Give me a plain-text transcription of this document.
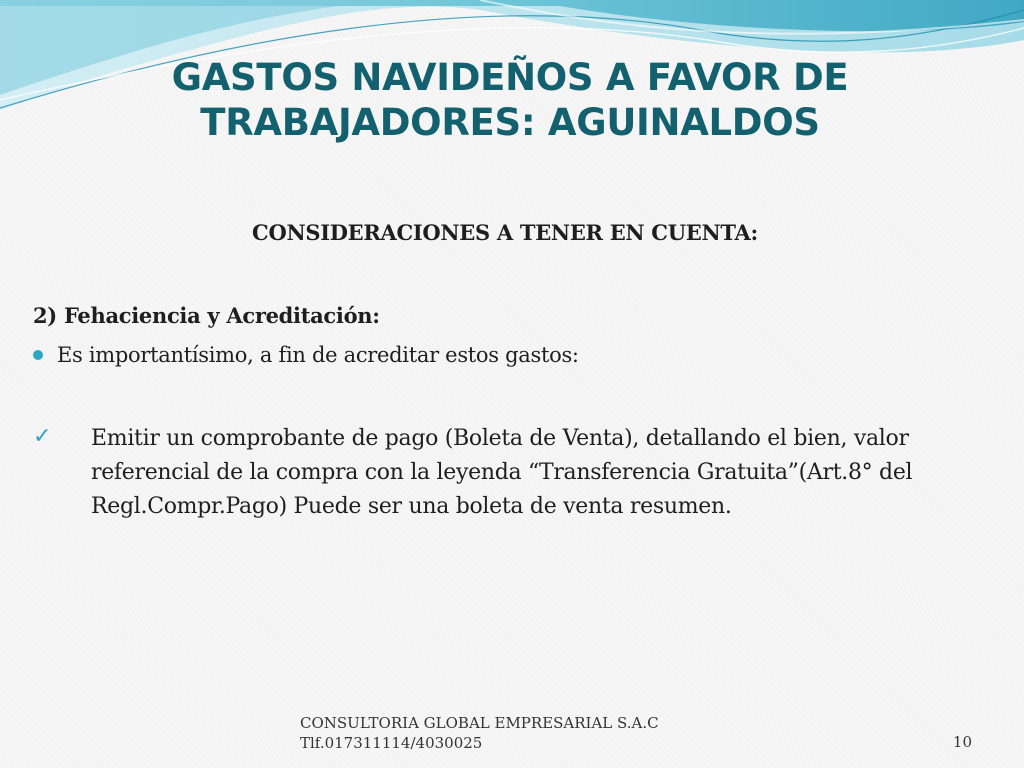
GASTOS NAVIDEÑOS A FAVOR DE
TRABAJADORES: AGUINALDOS
CONSIDERACIONES A TENER EN CUENTA:
2) Fehaciencia y Acreditación:
Es importantísimo, a fin de acreditar estos gastos:
✓	Emitir un comprobante de pago (Boleta de Venta), detallando el bien, valor referencial de la compra con la leyenda “Transferencia Gratuita”(Art.8° del Regl.Compr.Pago) Puede ser una boleta de venta resumen.
CONSULTORIA GLOBAL EMPRESARIAL S.A.C
Tlf.017311114/4030025	10
